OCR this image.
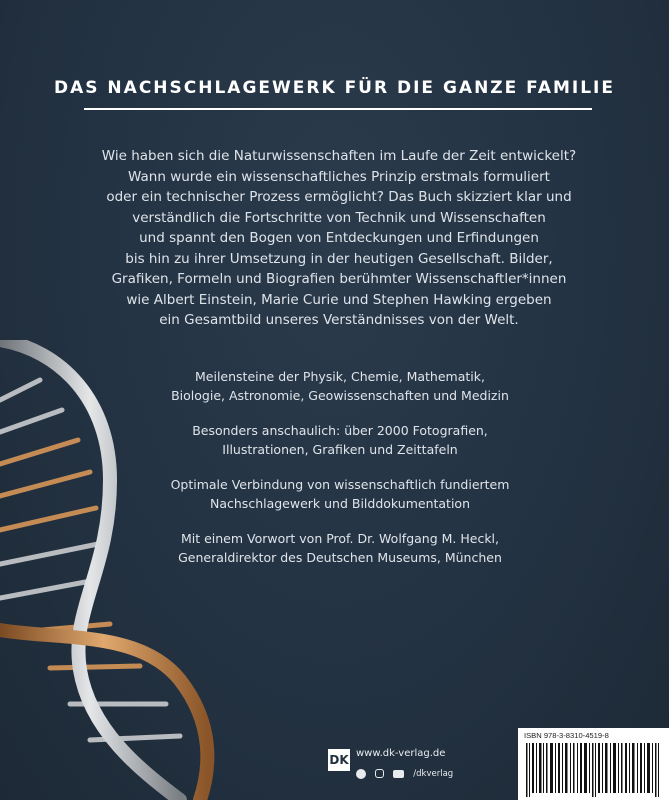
DAS NACHSCHLAGEWERK FÜR DIE GANZE FAMILIE
Wie haben sich die Naturwissenschaften im Laufe der Zeit entwickelt?
Wann wurde ein wissenschaftliches Prinzip erstmals formuliert
oder ein technischer Prozess ermöglicht? Das Buch skizziert klar und
verständlich die Fortschritte von Technik und Wissenschaften
und spannt den Bogen von Entdeckungen und Erfindungen
bis hin zu ihrer Umsetzung in der heutigen Gesellschaft. Bilder,
Grafiken, Formeln und Biografien berühmter Wissenschaftler*innen
wie Albert Einstein, Marie Curie und Stephen Hawking ergeben
ein Gesamtbild unseres Verständnisses von der Welt.

Meilensteine der Physik, Chemie, Mathematik,
Biologie, Astronomie, Geowissenschaften und Medizin

Besonders anschaulich: über 2000 Fotografien,
Illustrationen, Grafiken und Zeittafeln

Optimale Verbindung von wissenschaftlich fundiertem
Nachschlagewerk und Bilddokumentation

Mit einem Vorwort von Prof. Dr. Wolfgang M. Heckl,
Generaldirektor des Deutschen Museums, München

DK www.dk-verlag.de
/dkverlag
ISBN 978-3-8310-4519-8
